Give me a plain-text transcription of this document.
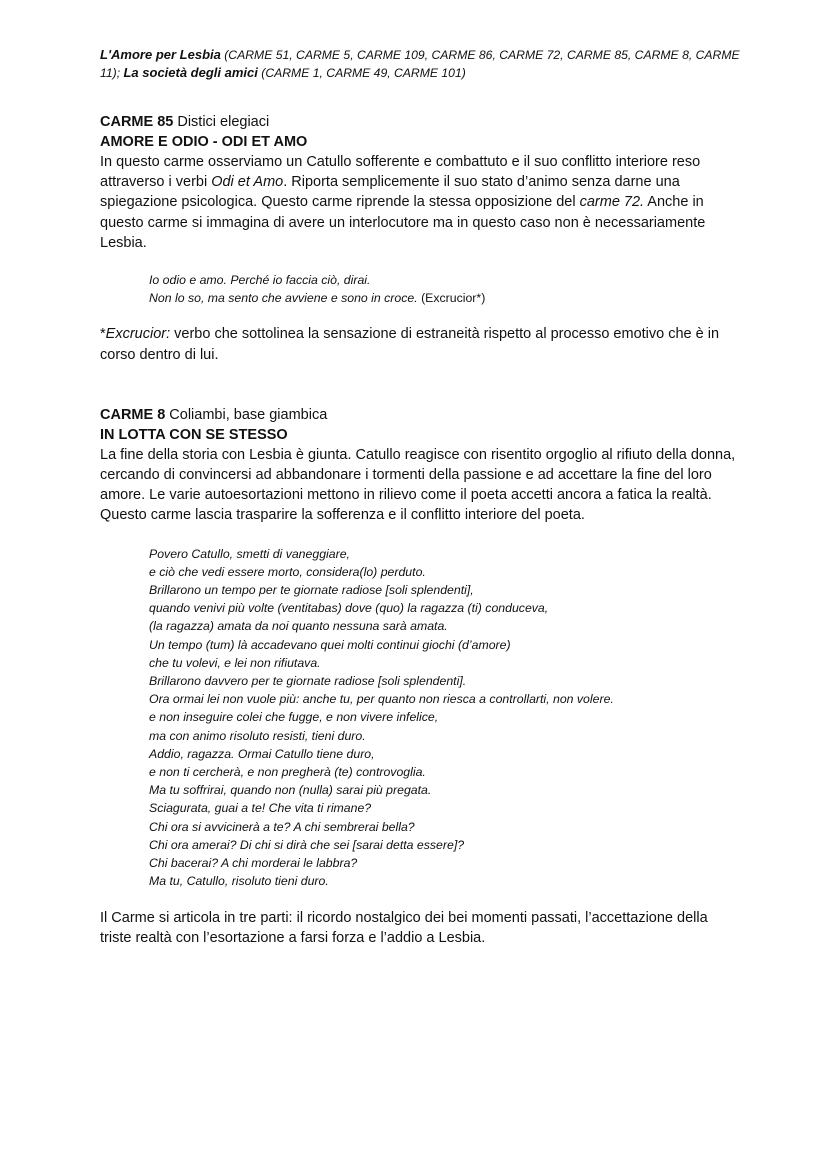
L'Amore per Lesbia (CARME 51, CARME 5, CARME 109, CARME 86, CARME 72, CARME 85, CARME 8, CARME 11); La società degli amici (CARME 1, CARME 49, CARME 101)
CARME 85 Distici elegiaci
AMORE E ODIO - ODI ET AMO
In questo carme osserviamo un Catullo sofferente e combattuto e il suo conflitto interiore reso attraverso i verbi Odi et Amo. Riporta semplicemente il suo stato d’animo senza darne una spiegazione psicologica. Questo carme riprende la stessa opposizione del carme 72. Anche in questo carme si immagina di avere un interlocutore ma in questo caso non è necessariamente Lesbia.
Io odio e amo. Perché io faccia ciò, dirai.
Non lo so, ma sento che avviene e sono in croce. (Excrucior*)
*Excrucior: verbo che sottolinea la sensazione di estraneità rispetto al processo emotivo che è in corso dentro di lui.
CARME 8 Coliambi, base giambica
IN LOTTA CON SE STESSO
La fine della storia con Lesbia è giunta. Catullo reagisce con risentito orgoglio al rifiuto della donna, cercando di convincersi ad abbandonare i tormenti della passione e ad accettare la fine del loro amore. Le varie autoesortazioni mettono in rilievo come il poeta accetti ancora a fatica la realtà. Questo carme lascia trasparire la sofferenza e il conflitto interiore del poeta.
Povero Catullo, smetti di vaneggiare,
e ciò che vedi essere morto, considera(lo) perduto.
Brillarono un tempo per te giornate radiose [soli splendenti],
quando venivi più volte (ventitabas) dove (quo) la ragazza (ti) conduceva,
(la ragazza) amata da noi quanto nessuna sarà amata.
Un tempo (tum) là accadevano quei molti continui giochi (d’amore)
che tu volevi, e lei non rifiutava.
Brillarono davvero per te giornate radiose [soli splendenti].
Ora ormai lei non vuole più: anche tu, per quanto non riesca a controllarti, non volere.
e non inseguire colei che fugge, e non vivere infelice,
ma con animo risoluto resisti, tieni duro.
Addio, ragazza. Ormai Catullo tiene duro,
e non ti cercherà, e non pregherà (te) controvoglia.
Ma tu soffrirai, quando non (nulla) sarai più pregata.
Sciagurata, guai a te! Che vita ti rimane?
Chi ora si avvicinerà a te? A chi sembrerai bella?
Chi ora amerai? Di chi si dirà che sei [sarai detta essere]?
Chi bacerai? A chi morderai le labbra?
Ma tu, Catullo, risoluto tieni duro.
Il Carme si articola in tre parti: il ricordo nostalgico dei bei momenti passati, l’accettazione della triste realtà con l’esortazione a farsi forza e l’addio a Lesbia.
